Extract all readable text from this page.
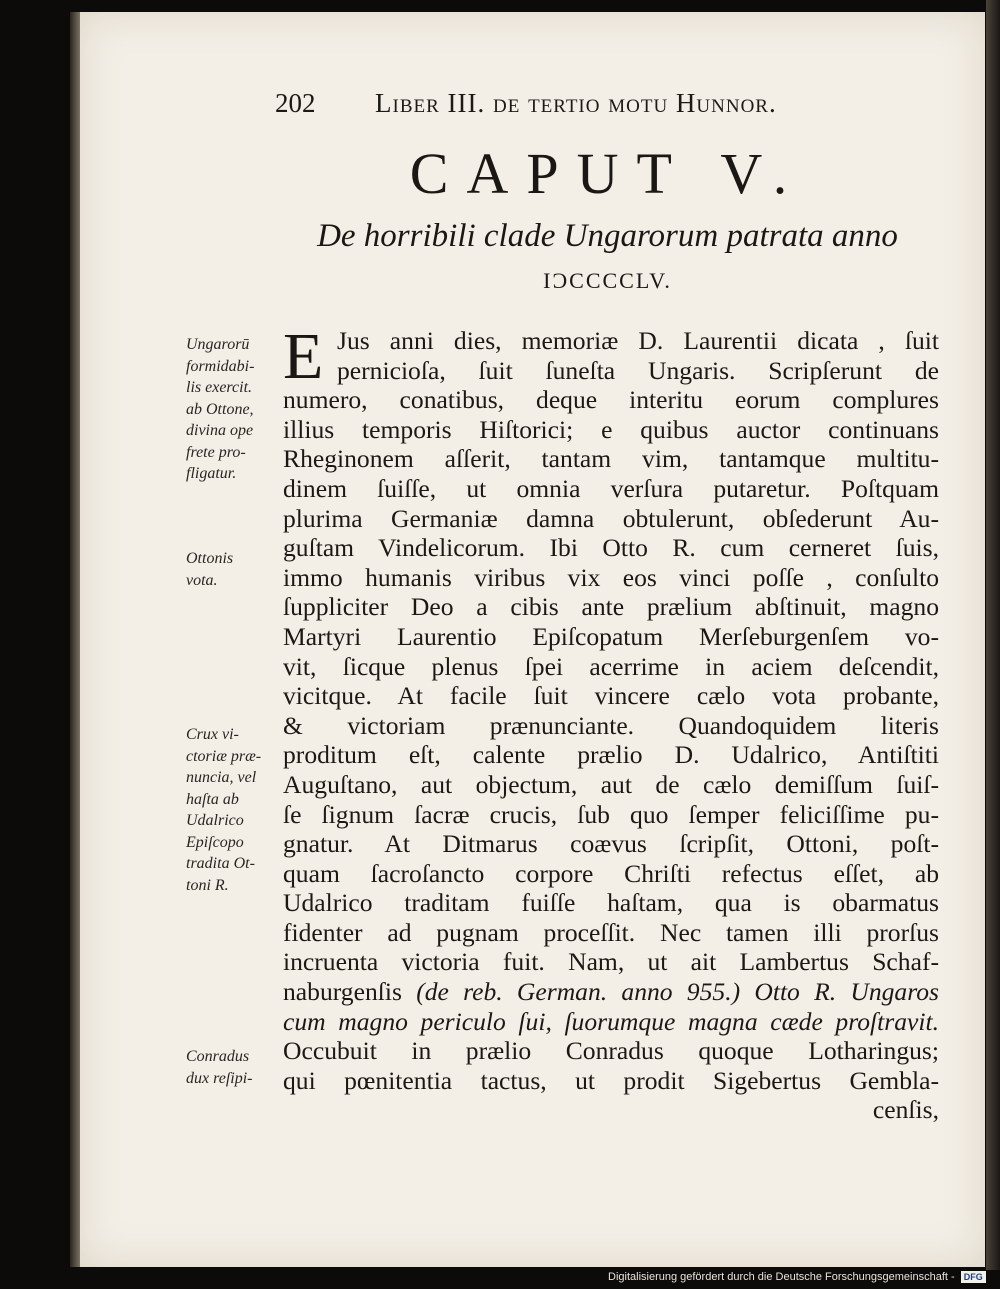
202 Liber III. de tertio motu Hunnor.
CAPUT V.
De horribili clade Ungarorum patrata anno
IƆCCCCLV.
E Jus anni dies, memoriæ D. Laurentii dicata , ſuit
pernicioſa, ſuit ſuneſta Ungaris. Scripſerunt de
numero, conatibus, deque interitu eorum complures
illius temporis Hiſtorici; e quibus auctor continuans
Rheginonem aſſerit, tantam vim, tantamque multitu-
dinem ſuiſſe, ut omnia verſura putaretur. Poſtquam
plurima Germaniæ damna obtulerunt, obſederunt Au-
guſtam Vindelicorum. Ibi Otto R. cum cerneret ſuis,
immo humanis viribus vix eos vinci poſſe , conſulto
ſuppliciter Deo a cibis ante prælium abſtinuit, magno
Martyri Laurentio Epiſcopatum Merſeburgenſem vo-
vit, ſicque plenus ſpei acerrime in aciem deſcendit,
vicitque. At facile ſuit vincere cælo vota probante,
& victoriam prænunciante. Quandoquidem literis
proditum eſt, calente prælio D. Udalrico, Antiſtiti
Auguſtano, aut objectum, aut de cælo demiſſum ſuiſ-
ſe ſignum ſacræ crucis, ſub quo ſemper feliciſſime pu-
gnatur. At Ditmarus coævus ſcripſit, Ottoni, poſt-
quam ſacroſancto corpore Chriſti refectus eſſet, ab
Udalrico traditam fuiſſe haſtam, qua is obarmatus
fidenter ad pugnam proceſſit. Nec tamen illi prorſus
incruenta victoria fuit. Nam, ut ait Lambertus Schaf-
naburgenſis (de reb. German. anno 955.) Otto R. Ungaros
cum magno periculo ſui, ſuorumque magna cæde proſtravit.
Occubuit in prælio Conradus quoque Lotharingus;
qui pœnitentia tactus, ut prodit Sigebertus Gembla-
cenſis,
Ungarorū
formidabi-
lis exercit.
ab Ottone,
divina ope
frete pro-
fligatur.
Ottonis
vota.
Crux vi-
ctoriæ præ-
nuncia, vel
haſta ab
Udalrico
Epiſcopo
tradita Ot-
toni R.
Conradus
dux reſipi-
Digitalisierung gefördert durch die Deutsche Forschungsgemeinschaft - DFG
